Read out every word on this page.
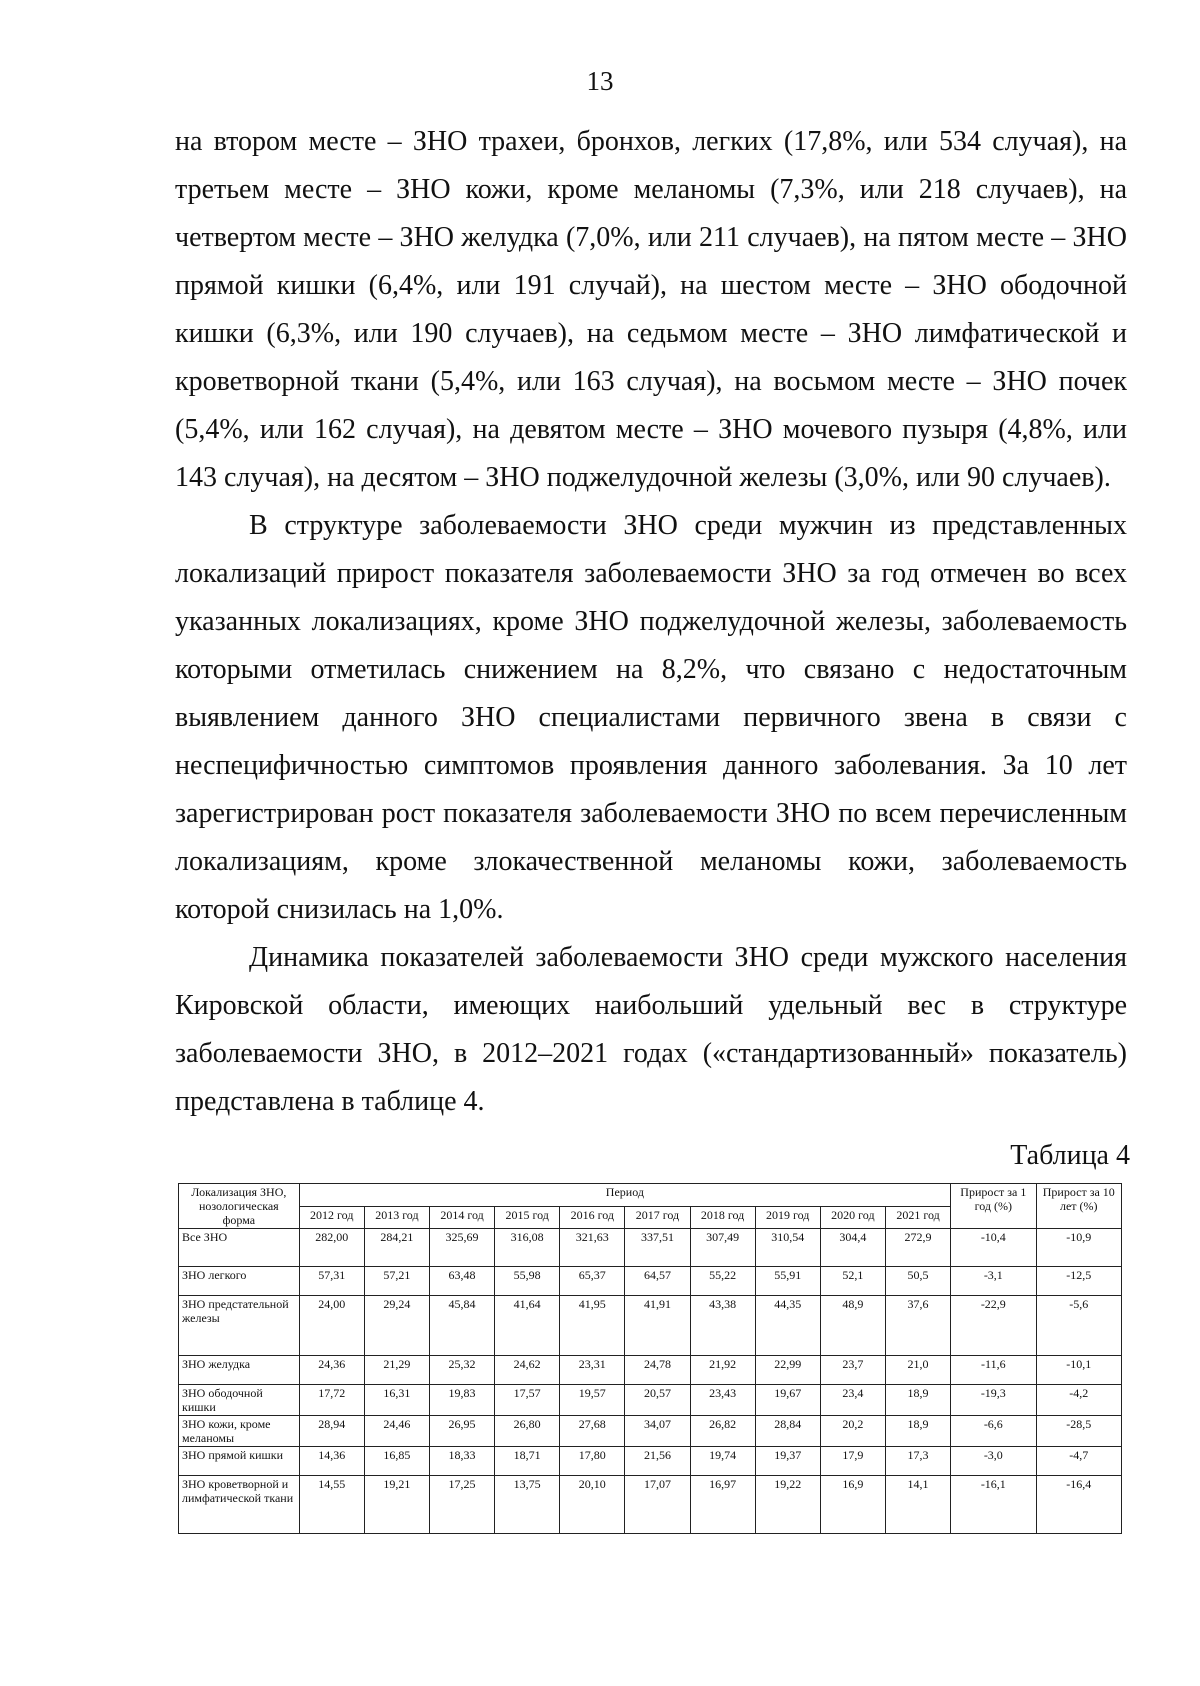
13

на втором месте – ЗНО трахеи, бронхов, легких (17,8%, или 534 случая), на третьем месте – ЗНО кожи, кроме меланомы (7,3%, или 218 случаев), на четвертом месте – ЗНО желудка (7,0%, или 211 случаев), на пятом месте – ЗНО прямой кишки (6,4%, или 191 случай), на шестом месте – ЗНО ободочной кишки (6,3%, или 190 случаев), на седьмом месте – ЗНО лимфатической и кроветворной ткани (5,4%, или 163 случая), на восьмом месте – ЗНО почек (5,4%, или 162 случая), на девятом месте – ЗНО мочевого пузыря (4,8%, или 143 случая), на десятом – ЗНО поджелудочной железы (3,0%, или 90 случаев).

В структуре заболеваемости ЗНО среди мужчин из представленных локализаций прирост показателя заболеваемости ЗНО за год отмечен во всех указанных локализациях, кроме ЗНО поджелудочной железы, заболеваемость которыми отметилась снижением на 8,2%, что связано с недостаточным выявлением данного ЗНО специалистами первичного звена в связи с неспецифичностью симптомов проявления данного заболевания. За 10 лет зарегистрирован рост показателя заболеваемости ЗНО по всем перечисленным локализациям, кроме злокачественной меланомы кожи, заболеваемость которой снизилась на 1,0%.

Динамика показателей заболеваемости ЗНО среди мужского населения Кировской области, имеющих наибольший удельный вес в структуре заболеваемости ЗНО, в 2012–2021 годах («стандартизованный» показатель) представлена в таблице 4.

Таблица 4
Локализация ЗНО, нозологическая форма	Период										Прирост за 1 год (%)	Прирост за 10 лет (%)
	2012 год	2013 год	2014 год	2015 год	2016 год	2017 год	2018 год	2019 год	2020 год	2021 год		
Все ЗНО	282,00	284,21	325,69	316,08	321,63	337,51	307,49	310,54	304,4	272,9	-10,4	-10,9
ЗНО легкого	57,31	57,21	63,48	55,98	65,37	64,57	55,22	55,91	52,1	50,5	-3,1	-12,5
ЗНО предстательной железы	24,00	29,24	45,84	41,64	41,95	41,91	43,38	44,35	48,9	37,6	-22,9	-5,6
ЗНО желудка	24,36	21,29	25,32	24,62	23,31	24,78	21,92	22,99	23,7	21,0	-11,6	-10,1
ЗНО ободочной кишки	17,72	16,31	19,83	17,57	19,57	20,57	23,43	19,67	23,4	18,9	-19,3	-4,2
ЗНО кожи, кроме меланомы	28,94	24,46	26,95	26,80	27,68	34,07	26,82	28,84	20,2	18,9	-6,6	-28,5
ЗНО прямой кишки	14,36	16,85	18,33	18,71	17,80	21,56	19,74	19,37	17,9	17,3	-3,0	-4,7
ЗНО кроветворной и лимфатической ткани	14,55	19,21	17,25	13,75	20,10	17,07	16,97	19,22	16,9	14,1	-16,1	-16,4
